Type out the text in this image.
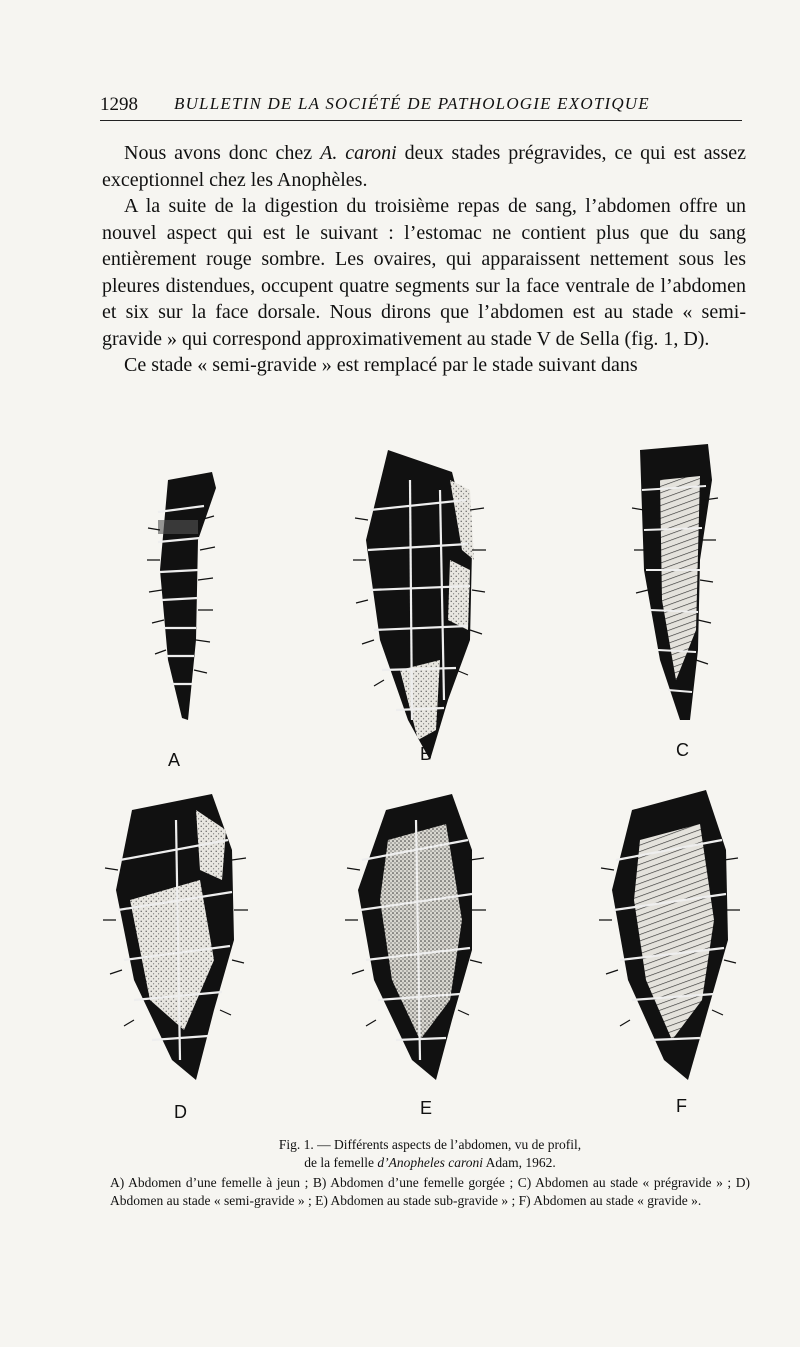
1298 BULLETIN DE LA SOCIÉTÉ DE PATHOLOGIE EXOTIQUE

Nous avons donc chez A. caroni deux stades prégravides, ce qui est assez exceptionnel chez les Anophèles.

A la suite de la digestion du troisième repas de sang, l’abdomen offre un nouvel aspect qui est le suivant : l’estomac ne contient plus que du sang entièrement rouge sombre. Les ovaires, qui apparaissent nettement sous les pleures distendues, occupent quatre segments sur la face ventrale de l’abdomen et six sur la face dorsale. Nous dirons que l’abdomen est au stade « semi-gravide » qui correspond approximativement au stade V de Sella (fig. 1, D).

Ce stade « semi-gravide » est remplacé par le stade suivant dans

A	B	C
D	E	F
Fig. 1. — Différents aspects de l’abdomen, vu de profil,
de la femelle d’Anopheles caroni Adam, 1962.
A) Abdomen d’une femelle à jeun ; B) Abdomen d’une femelle gorgée ; C) Abdomen au stade « prégravide » ; D) Abdomen au stade « semi-gravide » ; E) Abdomen au stade sub-gravide » ; F) Abdomen au stade « gravide ».
